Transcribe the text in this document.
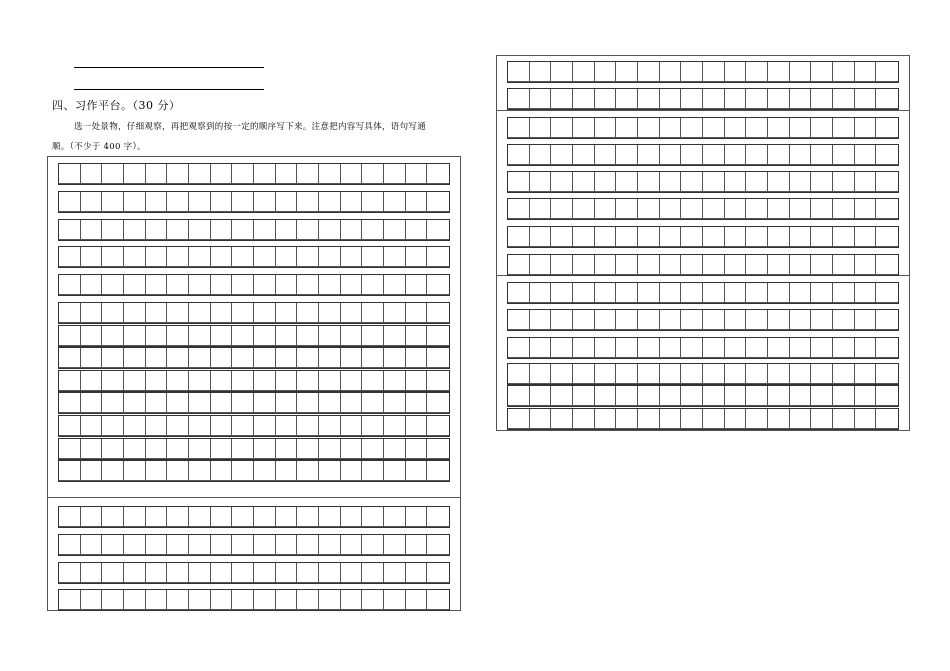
四、习作平台。（30 分）
选一处景物，仔细观察，再把观察到的按一定的顺序写下来。注意把内容写具体，语句写通
顺。（不少于 400 字）。
